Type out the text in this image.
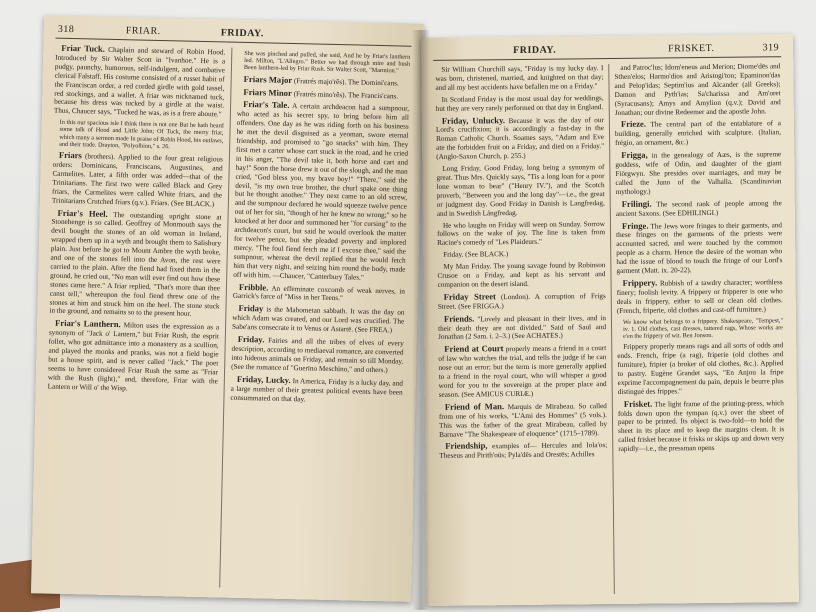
318	FRIAR.	FRIDAY.

Friar Tuck. Chaplain and steward of Robin Hood. Introduced by Sir Walter Scott in "Ivanhoe." He is a pudgy, paunchy, humorous, self-indulgent, and combative clerical Falstaff. His costume consisted of a russet habit of the Franciscan order, a red corded girdle with gold tassel, red stockings, and a wallet. A friar was nicknamed tuck, because his dress was tucked by a girdle at the waist. Thus, Chaucer says, "Tucked he was, as is a frere aboute."

In this our spacious isle I think there is not one But he hath heard some talk of Hood and Little John; Of Tuck, the merry friar, which many a sermon made In praise of Robin Hood, his outlaws, and their trade. Drayton, "Polyolbion," s. 26.

Friars (brothers). Applied to the four great religious orders: Dominicans, Franciscans, Augustines, and Carmelites. Later, a fifth order was added—that of the Trinitarians. The first two were called Black and Grey friars, the Carmelites were called White friars, and the Trinitarians Crutched friars (q.v.). Friars. (See BLACK.)

Friar's Heel. The outstanding upright stone at Stonehenge is so called. Geoffrey of Monmouth says the devil bought the stones of an old woman in Ireland, wrapped them up in a wyth and brought them to Salisbury plain. Just before he got to Mount Ambre the wyth broke, and one of the stones fell into the Avon, the rest were carried to the plain. After the fiend had fixed them in the ground, he cried out, "No man will ever find out how these stones came here." A friar replied, "That's more than thee canst tell," whereupon the foul fiend threw one of the stones at him and struck him on the heel. The stone stuck in the ground, and remains so to the present hour.

Friar's Lanthern. Milton uses the expression as a synonym of "Jack o' Lantern," but Friar Rush, the esprit follet, who got admittance into a monastery as a scullion, and played the monks and pranks, was not a field bogie but a house spirit, and is never called "Jack." The poet seems to have considered Friar Rush the same as "Friar with the Rush (light)," and, therefore, Friar with the Lantern or Will o' the Wisp.

She was pinched and pulled, she said, And he by Friar's lanthern led. Milton, "L'Allegro." Better we had through mire and bush Been lanthern-led by Friar Rush. Sir Walter Scott, "Marmion."

Friars Major (Fratrés majo'rês). The Domini'cans.

Friars Minor (Fratrés mino'rês). The Francis'cans.

Friar's Tale. A certain archdeacon had a sumpnour, who acted as his secret spy, to bring before him all offenders. One day as he was riding forth on his business he met the devil disguised as a yeoman, swore eternal friendship, and promised to "go snacks" with him. They first met a carter whose cart stuck in the road, and he cried in his anger, "The devil take it, both horse and cart and hay!" Soon the horse drew it out of the slough, and the man cried, "God bless you, my brave boy!" "There," said the devil, "is my own true brother, the churl spake one thing but he thought another." They next came to an old screw, and the sumpnour declared he would squeeze twelve pence out of her for sin, "though of her he knew no wrong;" so he knocked at her door and summoned her "for cursing" to the archdeacon's court, but said he would overlook the matter for twelve pence, but she pleaded poverty and implored mercy. "The foul fiend fetch me if I excuse thee," said the sumpnour, whereat the devil replied that he would fetch him that very night, and seizing him round the body, made off with him. —Chaucer, "Canterbury Tales."

Fribble. An effeminate coxcomb of weak nerves, in Garrick's farce of "Miss in her Teens."

Friday is the Mahometan sabbath. It was the day on which Adam was created, and our Lord was crucified. The Sabe'ans consecrate it to Venus or Astartē. (See FREA.)

Friday. Fairies and all the tribes of elves of every description, according to mediaeval romance, are converted into hideous animals on Friday, and remain so till Monday. (See the romance of "Guerīno Meschīno," and others.)

Friday, Lucky. In America, Friday is a lucky day, and a large number of their greatest political events have been consummated on that day.

FRIDAY.	FRISKET.	319

Sir William Churchill says, "Friday is my lucky day. I was born, christened, married, and knighted on that day; and all my best accidents have befallen me on a Friday."

In Scotland Friday is the most usual day for weddings, but they are very rarely performed on that day in England.

Friday, Unlucky. Because it was the day of our Lord's crucifixion; it is accordingly a fast-day in the Roman Catholic Church. Soames says, "Adam and Eve ate the forbidden fruit on a Friday, and died on a Friday." (Anglo-Saxon Church, p. 255.)

Long Friday, Good Friday, long being a synonym of great. Thus Mrs. Quickly says, "Tis a long loan for a poor lone woman to bear" ("Henry IV."), and the Scotch proverb, "Between you and the long day"—i.e., the great or judgment day. Good Friday in Danish is Langfredag, and in Swedish Långfredag.

He who laughs on Friday will weep on Sunday. Sorrow follows on the wake of joy. The line is taken from Racine's comedy of "Les Plaideurs."

Friday. (See BLACK.)

My Man Friday. The young savage found by Robinson Crusoe on a Friday, and kept as his servant and companion on the desert island.

Friday Street (London). A corruption of Frigs Street. (See FRIGGA.)

Friends. "Lovely and pleasant in their lives, and in their death they are not divided." Said of Saul and Jonathan (2 Sam. i. 2–3.) (See ACHATES.)

Friend at Court properly means a friend in a court of law who watches the trial, and tells the judge if he can nose out an error; but the term is more generally applied to a friend in the royal court, who will whisper a good word for you to the sovereign at the proper place and season. (See AMICUS CURIÆ.)

Friend of Man. Marquis de Mirabeau. So called from one of his works, "L'Ami des Hommes" (5 vols.). This was the father of the great Mirabeau, called by Barnave "The Shakespeare of eloquence" (1715–1789).

Friendship, examples of— Hercules and Iola'os; Theseus and Pirith'oüs; Pyla'dēs and Orestēs; Achilles

and Patroc'lus; Idom'eneus and Merion; Diome'dēs and Sthen'elos; Harmo'dios and Aristogi'ton; Epaminon'das and Pelop'idas; Septim'ius and Alcander (all Greeks); Damon and Pyth'ias; Sa'charissa and Am'oret (Syracusans); Amys and Amylion (q.v.); David and Jonathan; our divine Redeemer and the apostle John.

Frieze. The central part of the entablature of a building, generally enriched with sculpture. (Italian, frégio, an ornament, &c.)

Frigga, in the genealogy of Aæs, is the supreme goddess, wife of Odin, and daughter of the giant Fiörgwyn. She presides over marriages, and may be called the Juno of the Valhalla. (Scandinavian mythology.)

Frilingi. The second rank of people among the ancient Saxons. (See EDHILINGI.)

Fringe. The Jews wore fringes to their garments, and these fringes on the garments of the priests were accounted sacred, and were touched by the common people as a charm. Hence the desire of the woman who had the issue of blood to touch the fringe of our Lord's garment (Matt. ix. 20-22).

Frippery. Rubbish of a tawdry character; worthless finery; foolish levity. A frippery or fripperer is one who deals in frippery, either to sell or clean old clothes. (French, friperie, old clothes and cast-off furniture.)

We know what belongs to a frippery. Shakespeare, "Tempest," iv. 1. Old clothes, cast dresses, tattered rags, Whose works are e'en the frippery of wit. Ben Jonson.

Frippery properly means rags and all sorts of odds and ends. French, fripe (a rag), friperie (old clothes and furniture), fripier (a broker of old clothes, &c.). Applied to pastry. Eugène Grandet says, "En Anjou la fripe exprime l'accompagnement du pain, depuis le beurre plus distingué des frippes."

Frisket. The light frame of the printing-press, which folds down upon the tympan (q.v.) over the sheet of paper to be printed. Its object is two-fold—to hold the sheet in its place and to keep the margins clean. It is called frisket because it frisks or skips up and down very rapidly—i.e., the pressman opens
